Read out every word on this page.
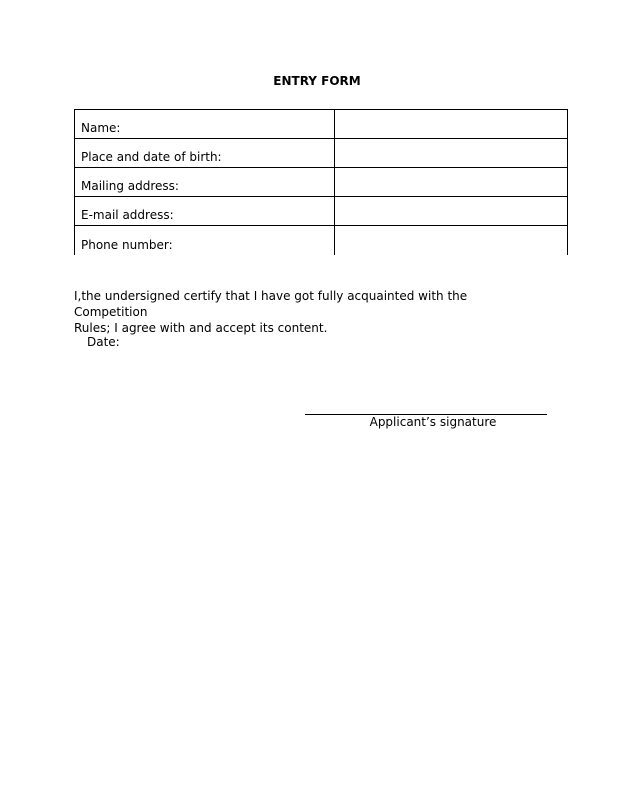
ENTRY FORM
Name:	
Place and date of birth:	
Mailing address:	
E-mail address:	
Phone number:	
I,the undersigned certify that I have got fully acquainted with the Competition
Rules; I agree with and accept its content.
Date:
Applicant’s signature
